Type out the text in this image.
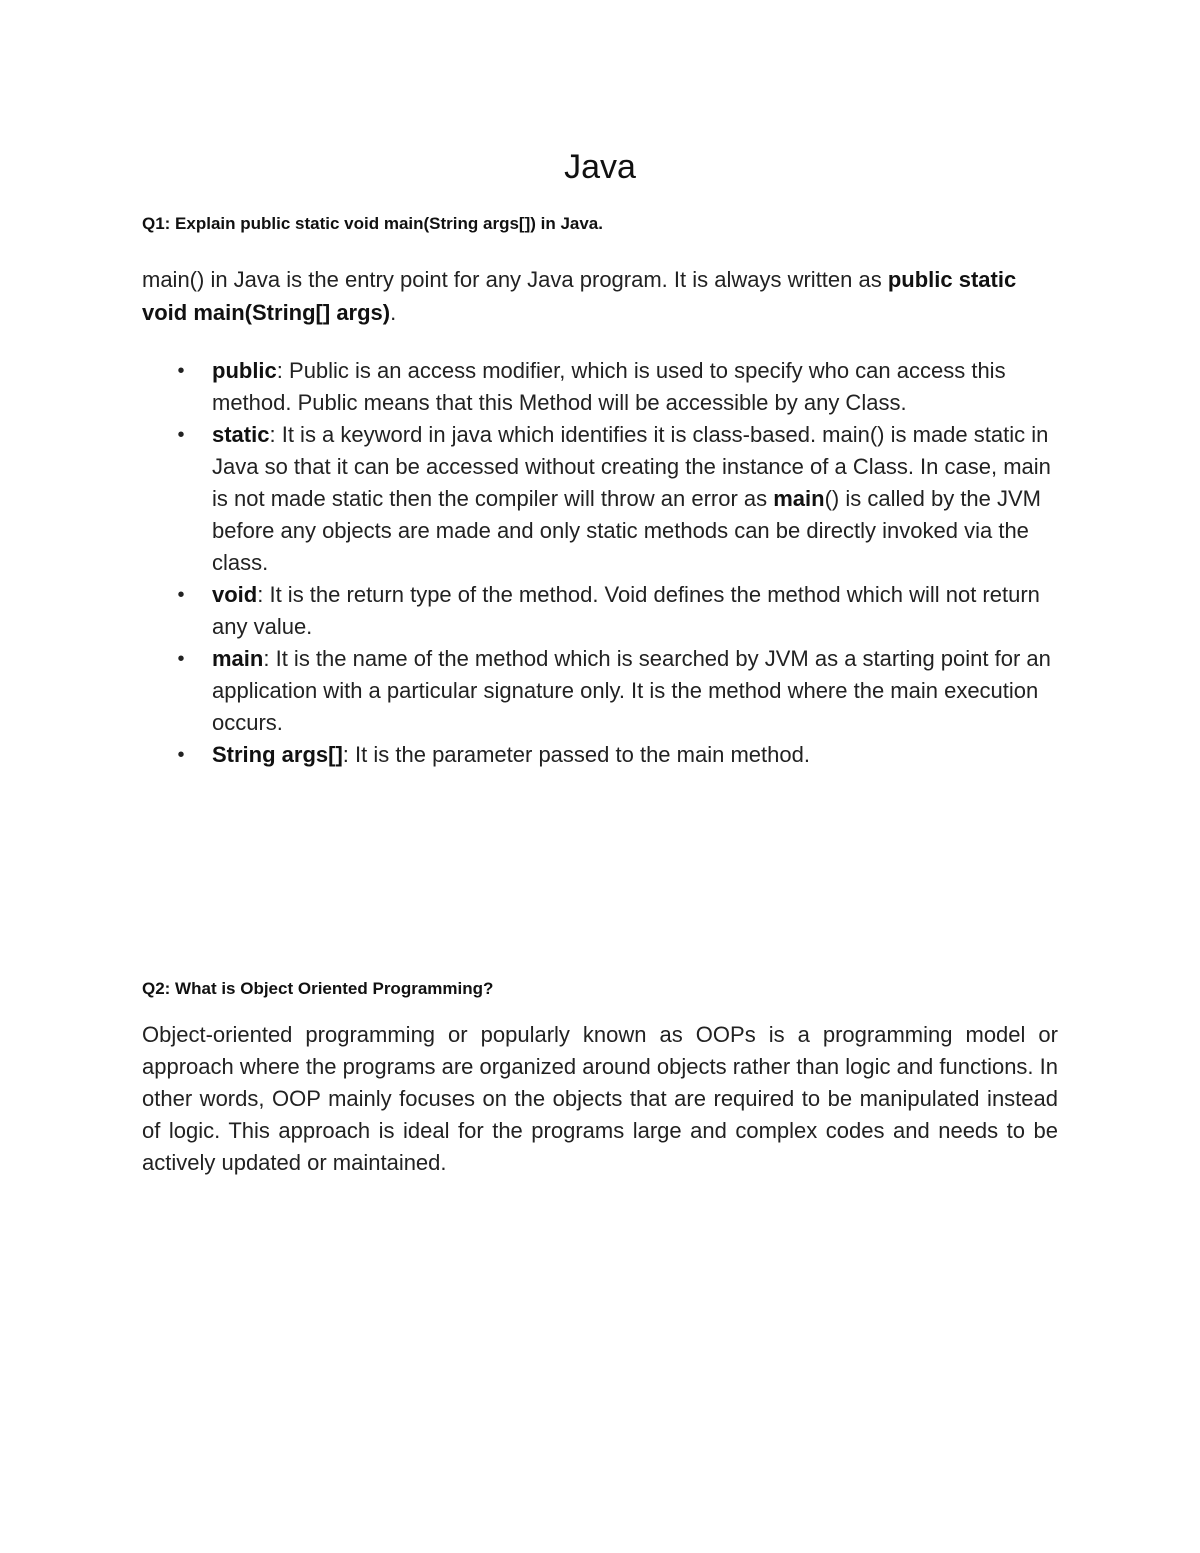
Java

Q1: Explain public static void main(String args[]) in Java.

main() in Java is the entry point for any Java program. It is always written as public static void main(String[] args).

• public: Public is an access modifier, which is used to specify who can access this method. Public means that this Method will be accessible by any Class.
• static: It is a keyword in java which identifies it is class-based. main() is made static in Java so that it can be accessed without creating the instance of a Class. In case, main is not made static then the compiler will throw an error as main() is called by the JVM before any objects are made and only static methods can be directly invoked via the class.
• void: It is the return type of the method. Void defines the method which will not return any value.
• main: It is the name of the method which is searched by JVM as a starting point for an application with a particular signature only. It is the method where the main execution occurs.
• String args[]: It is the parameter passed to the main method.

Q2: What is Object Oriented Programming?

Object-oriented programming or popularly known as OOPs is a programming model or approach where the programs are organized around objects rather than logic and functions. In other words, OOP mainly focuses on the objects that are required to be manipulated instead of logic. This approach is ideal for the programs large and complex codes and needs to be actively updated or maintained.
